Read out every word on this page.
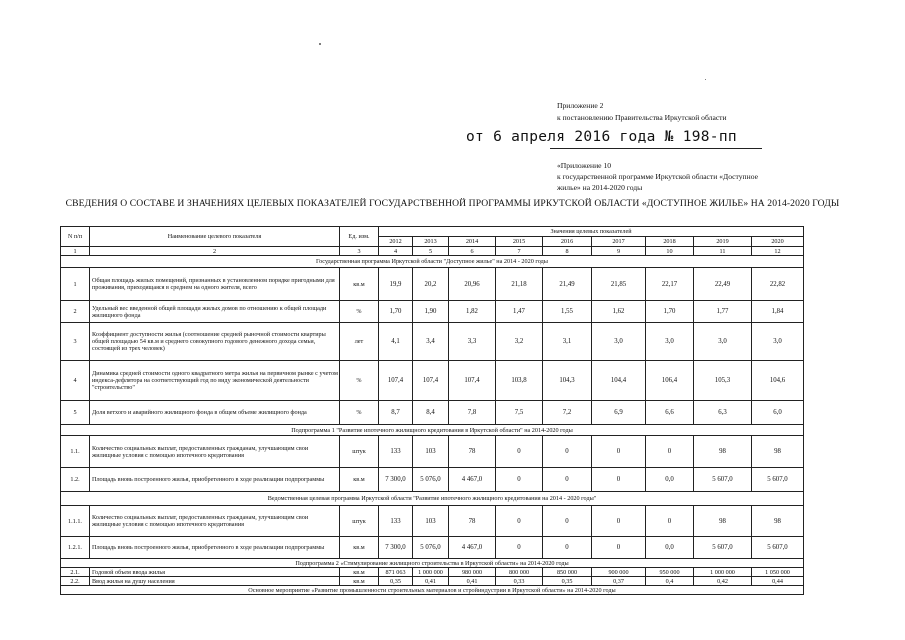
Приложение 2
к постановлению Правительства Иркутской области
от 6 апреля 2016 года № 198-пп
«Приложение 10
к государственной программе Иркутской области «Доступное
жилье» на 2014-2020 годы
СВЕДЕНИЯ О СОСТАВЕ И ЗНАЧЕНИЯХ ЦЕЛЕВЫХ ПОКАЗАТЕЛЕЙ ГОСУДАРСТВЕННОЙ ПРОГРАММЫ ИРКУТСКОЙ ОБЛАСТИ «ДОСТУПНОЕ ЖИЛЬЕ» НА 2014-2020 ГОДЫ
N п/п	Наименование целевого показателя	Ед. изм.	Значения целевых показателей								
			2012	2013	2014	2015	2016	2017	2018	2019	2020
1	2	3	4	5	6	7	8	9	10	11	12
Государственная программа Иркутской области "Доступное жилье" на 2014 - 2020 годы											
1	Общая площадь жилых помещений, признанных в установленном порядке пригодными для проживания, приходящаяся в среднем на одного жителя, всего	кв.м	19,9	20,2	20,96	21,18	21,49	21,85	22,17	22,49	22,82
2	Удельный вес введенной общей площади жилых домов по отношению к общей площади жилищного фонда	%	1,70	1,90	1,82	1,47	1,55	1,62	1,70	1,77	1,84
3	Коэффициент доступности жилья (соотношение средней рыночной стоимости квартиры общей площадью 54 кв.м и среднего совокупного годового денежного дохода семьи, состоящей из трех человек)	лет	4,1	3,4	3,3	3,2	3,1	3,0	3,0	3,0	3,0
4	Динамика средней стоимости одного квадратного метра жилья на первичном рынке с учетом индекса-дефлятора на соответствующий год по виду экономической деятельности "строительство"	%	107,4	107,4	107,4	103,8	104,3	104,4	106,4	105,3	104,6
5	Доля ветхого и аварийного жилищного фонда в общем объеме жилищного фонда	%	8,7	8,4	7,8	7,5	7,2	6,9	6,6	6,3	6,0
Подпрограмма 1 "Развитие ипотечного жилищного кредитования в Иркутской области" на 2014-2020 годы											
1.1.	Количество социальных выплат, предоставленных гражданам, улучшающим свои жилищные условия с помощью ипотечного кредитования	штук	133	103	78	0	0	0	0	98	98
1.2.	Площадь вновь построенного жилья, приобретенного в ходе реализации подпрограммы	кв.м	7 300,0	5 076,0	4 467,0	0	0	0	0,0	5 607,0	5 607,0
Ведомственная целевая программа Иркутской области "Развитие ипотечного жилищного кредитования на 2014 - 2020 годы"											
1.1.1.	Количество социальных выплат, предоставленных гражданам, улучшающим свои жилищные условия с помощью ипотечного кредитования	штук	133	103	78	0	0	0	0	98	98
1.2.1.	Площадь вновь построенного жилья, приобретенного в ходе реализации подпрограммы	кв.м	7 300,0	5 076,0	4 467,0	0	0	0	0,0	5 607,0	5 607,0
Подпрограмма 2 «Стимулирование жилищного строительства в Иркутской области» на 2014-2020 годы											
2.1.	Годовой объем ввода жилья	кв.м	871 063	1 000 000	980 000	800 000	850 000	900 000	950 000	1 000 000	1 050 000
2.2.	Ввод жилья на душу населения	кв.м	0,35	0,41	0,41	0,33	0,35	0,37	0,4	0,42	0,44
Основное мероприятие «Развитие промышленности строительных материалов и стройиндустрии в Иркутской области» на 2014-2020 годы											
